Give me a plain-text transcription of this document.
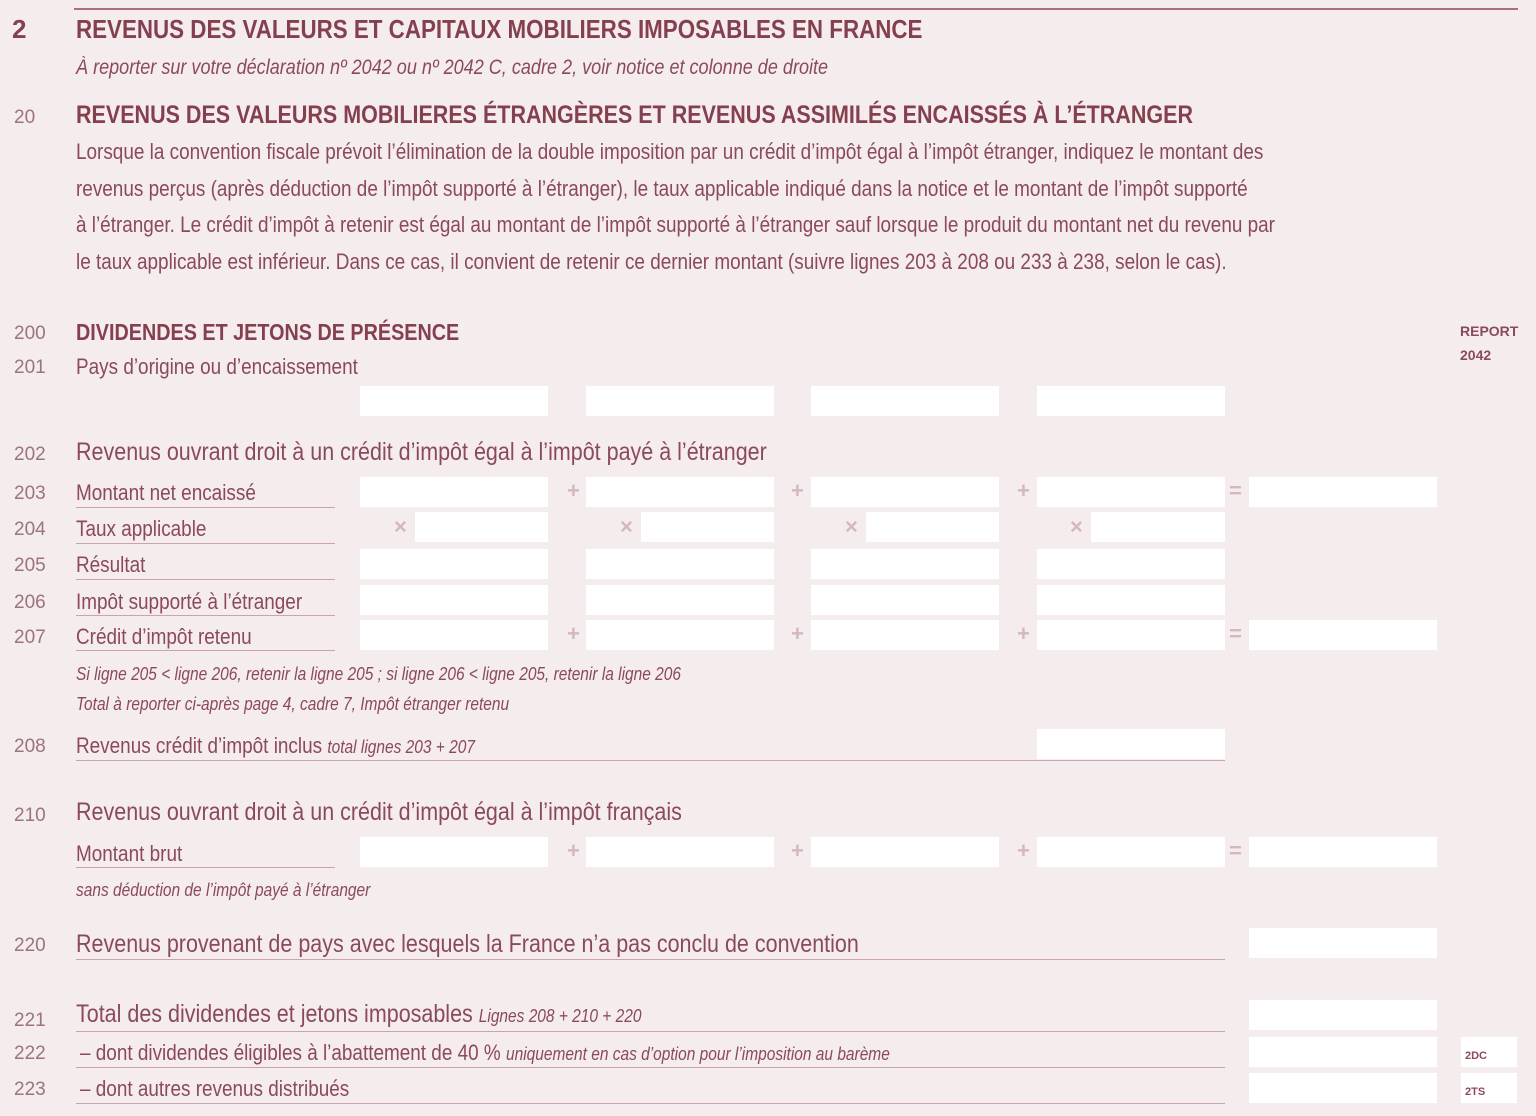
2 REVENUS DES VALEURS ET CAPITAUX MOBILIERS IMPOSABLES EN FRANCE
À reporter sur votre déclaration nº 2042 ou nº 2042 C, cadre 2, voir notice et colonne de droite
20 REVENUS DES VALEURS MOBILIERES ÉTRANGÈRES ET REVENUS ASSIMILÉS ENCAISSÉS À L’ÉTRANGER
Lorsque la convention fiscale prévoit l’élimination de la double imposition par un crédit d’impôt égal à l’impôt étranger, indiquez le montant des
revenus perçus (après déduction de l’impôt supporté à l’étranger), le taux applicable indiqué dans la notice et le montant de l’impôt supporté
à l’étranger. Le crédit d’impôt à retenir est égal au montant de l’impôt supporté à l’étranger sauf lorsque le produit du montant net du revenu par
le taux applicable est inférieur. Dans ce cas, il convient de retenir ce dernier montant (suivre lignes 203 à 208 ou 233 à 238, selon le cas).
REPORT
2042
200 DIVIDENDES ET JETONS DE PRÉSENCE
201 Pays d’origine ou d’encaissement
202 Revenus ouvrant droit à un crédit d’impôt égal à l’impôt payé à l’étranger
203 Montant net encaissé	+	+	+	=
204 Taux applicable	×	×	×	×
205 Résultat
206 Impôt supporté à l’étranger
207 Crédit d’impôt retenu	+	+	+	=
Si ligne 205 < ligne 206, retenir la ligne 205 ; si ligne 206 < ligne 205, retenir la ligne 206
Total à reporter ci-après page 4, cadre 7, Impôt étranger retenu
208 Revenus crédit d’impôt inclus total lignes 203 + 207
210 Revenus ouvrant droit à un crédit d’impôt égal à l’impôt français
Montant brut	+	+	+	=
sans déduction de l’impôt payé à l’étranger
220 Revenus provenant de pays avec lesquels la France n’a pas conclu de convention
221 Total des dividendes et jetons imposables Lignes 208 + 210 + 220
222 – dont dividendes éligibles à l’abattement de 40 % uniquement en cas d’option pour l’imposition au barème	2DC
223 – dont autres revenus distribués	2TS
